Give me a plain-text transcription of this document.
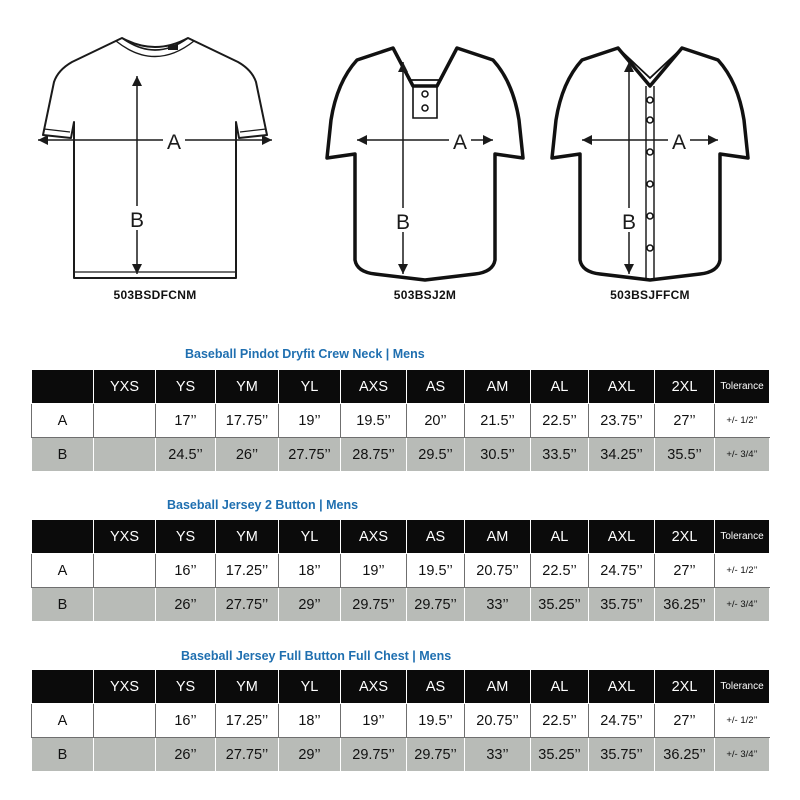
A
B
503BSDFCNM
A
B
503BSJ2M
A
B
503BSJFFCM
Baseball Pindot Dryfit Crew Neck | Mens
	YXS	YS	YM	YL	AXS	AS	AM	AL	AXL	2XL	Tolerance
A		17’’	17.75’’	19’’	19.5’’	20’’	21.5’’	22.5’’	23.75’’	27’’	+/- 1/2’’
B		24.5’’	26’’	27.75’’	28.75’’	29.5’’	30.5’’	33.5’’	34.25’’	35.5’’	+/- 3/4’’
Baseball Jersey 2 Button | Mens
	YXS	YS	YM	YL	AXS	AS	AM	AL	AXL	2XL	Tolerance
A		16’’	17.25’’	18’’	19’’	19.5’’	20.75’’	22.5’’	24.75’’	27’’	+/- 1/2’’
B		26’’	27.75’’	29’’	29.75’’	29.75’’	33’’	35.25’’	35.75’’	36.25’’	+/- 3/4’’
Baseball Jersey Full Button Full Chest | Mens
	YXS	YS	YM	YL	AXS	AS	AM	AL	AXL	2XL	Tolerance
A		16’’	17.25’’	18’’	19’’	19.5’’	20.75’’	22.5’’	24.75’’	27’’	+/- 1/2’’
B		26’’	27.75’’	29’’	29.75’’	29.75’’	33’’	35.25’’	35.75’’	36.25’’	+/- 3/4’’
